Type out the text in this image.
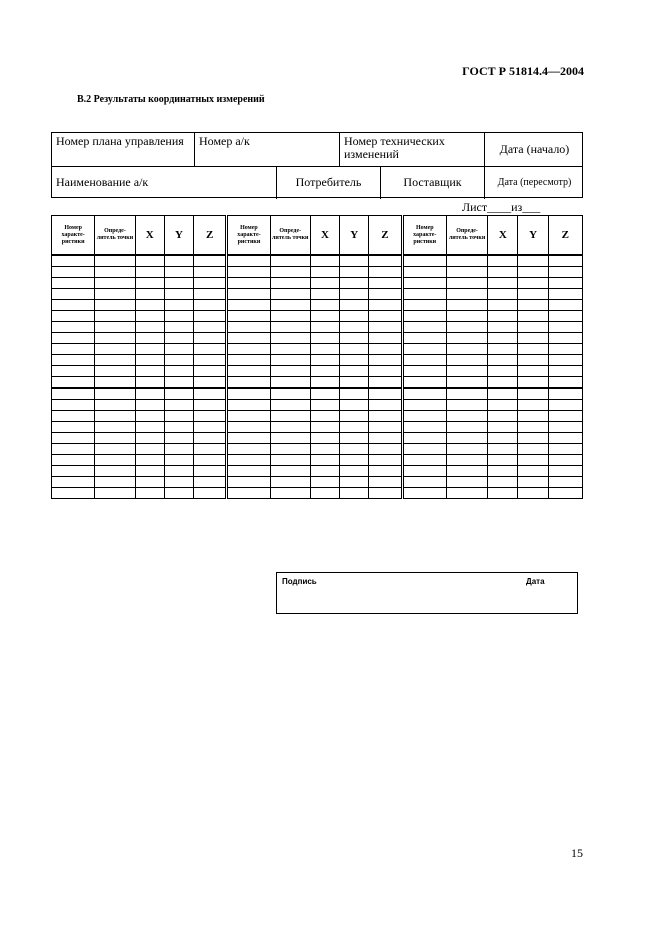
ГОСТ Р 51814.4—2004
В.2 Результаты координатных измерений
Номер плана управления	Номер а/к	Номер технических изменений	Дата (начало)
Наименование а/к	Потребитель	Поставщик	Дата (пересмотр)
Лист____из___
Номер характе-ристики	Опреде-литель точки	X	Y	Z	Номер характе-ристики	Опреде-литель точки	X	Y	Z	Номер характе-ристики	Опреде-литель точки	X	Y	Z

Подпись	Дата
15
